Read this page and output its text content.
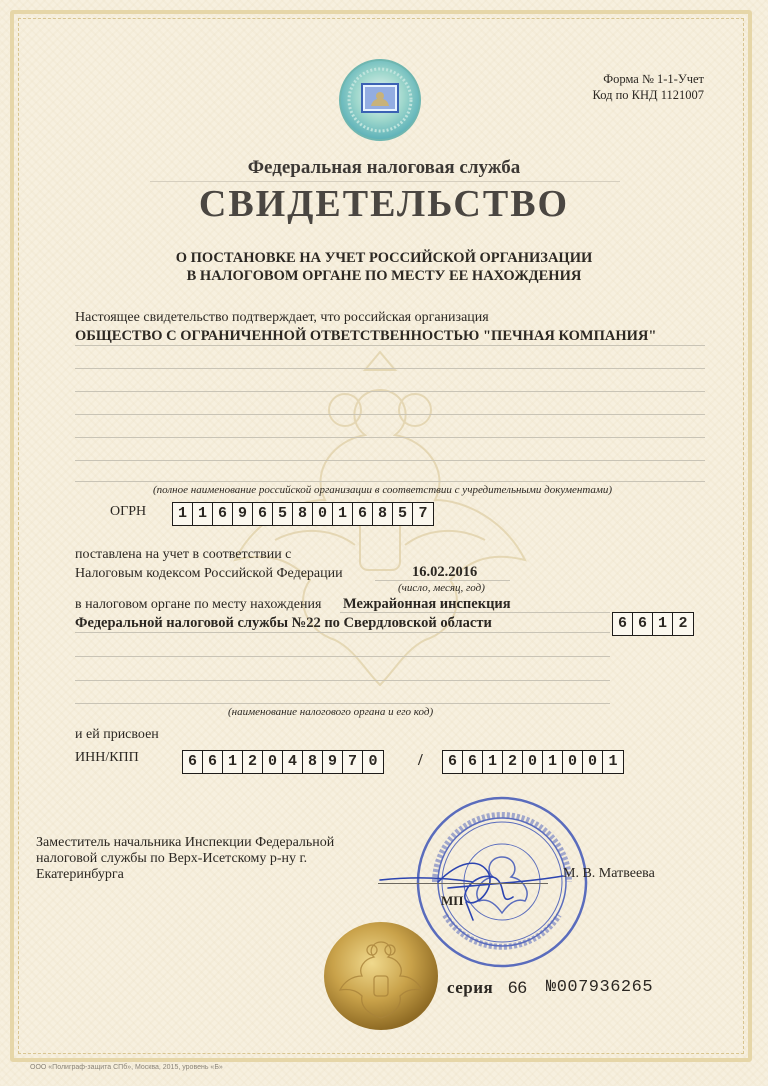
Форма № 1-1-Учет
Код по КНД 1121007
Федеральная налоговая служба
СВИДЕТЕЛЬСТВО
О ПОСТАНОВКЕ НА УЧЕТ РОССИЙСКОЙ ОРГАНИЗАЦИИ
В НАЛОГОВОМ ОРГАНЕ ПО МЕСТУ ЕЕ НАХОЖДЕНИЯ
Настоящее свидетельство подтверждает, что российская организация
ОБЩЕСТВО С ОГРАНИЧЕННОЙ ОТВЕТСТВЕННОСТЬЮ "ПЕЧНАЯ КОМПАНИЯ"
(полное наименование российской организации в соответствии с учредительными документами)
ОГРН	1 1 6 9 6 5 8 0 1 6 8 5 7
поставлена на учет в соответствии с
Налоговым кодексом Российской Федерации	16.02.2016
(число, месяц, год)
в налоговом органе по месту нахождения Межрайонная инспекция
Федеральной налоговой службы №22 по Свердловской области	6 6 1 2
(наименование налогового органа и его код)
и ей присвоен
ИНН/КПП	6 6 1 2 0 4 8 9 7 0	/	6 6 1 2 0 1 0 0 1
Заместитель начальника Инспекции Федеральной
налоговой службы по Верх-Исетскому р-ну г.
Екатеринбурга	М. В. Матвеева
МП
серия 66 №007936265
ООО «Полиграф-защита СПб», Москва, 2015, уровень «Б»
